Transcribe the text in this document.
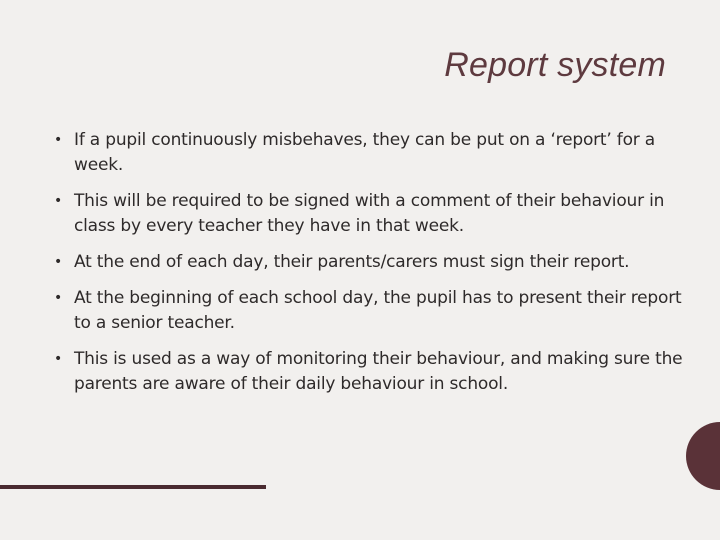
Report system
• If a pupil continuously misbehaves, they can be put on a ‘report’ for a week.
• This will be required to be signed with a comment of their behaviour in class by every teacher they have in that week.
• At the end of each day, their parents/carers must sign their report.
• At the beginning of each school day, the pupil has to present their report to a senior teacher.
• This is used as a way of monitoring their behaviour, and making sure the parents are aware of their daily behaviour in school.
